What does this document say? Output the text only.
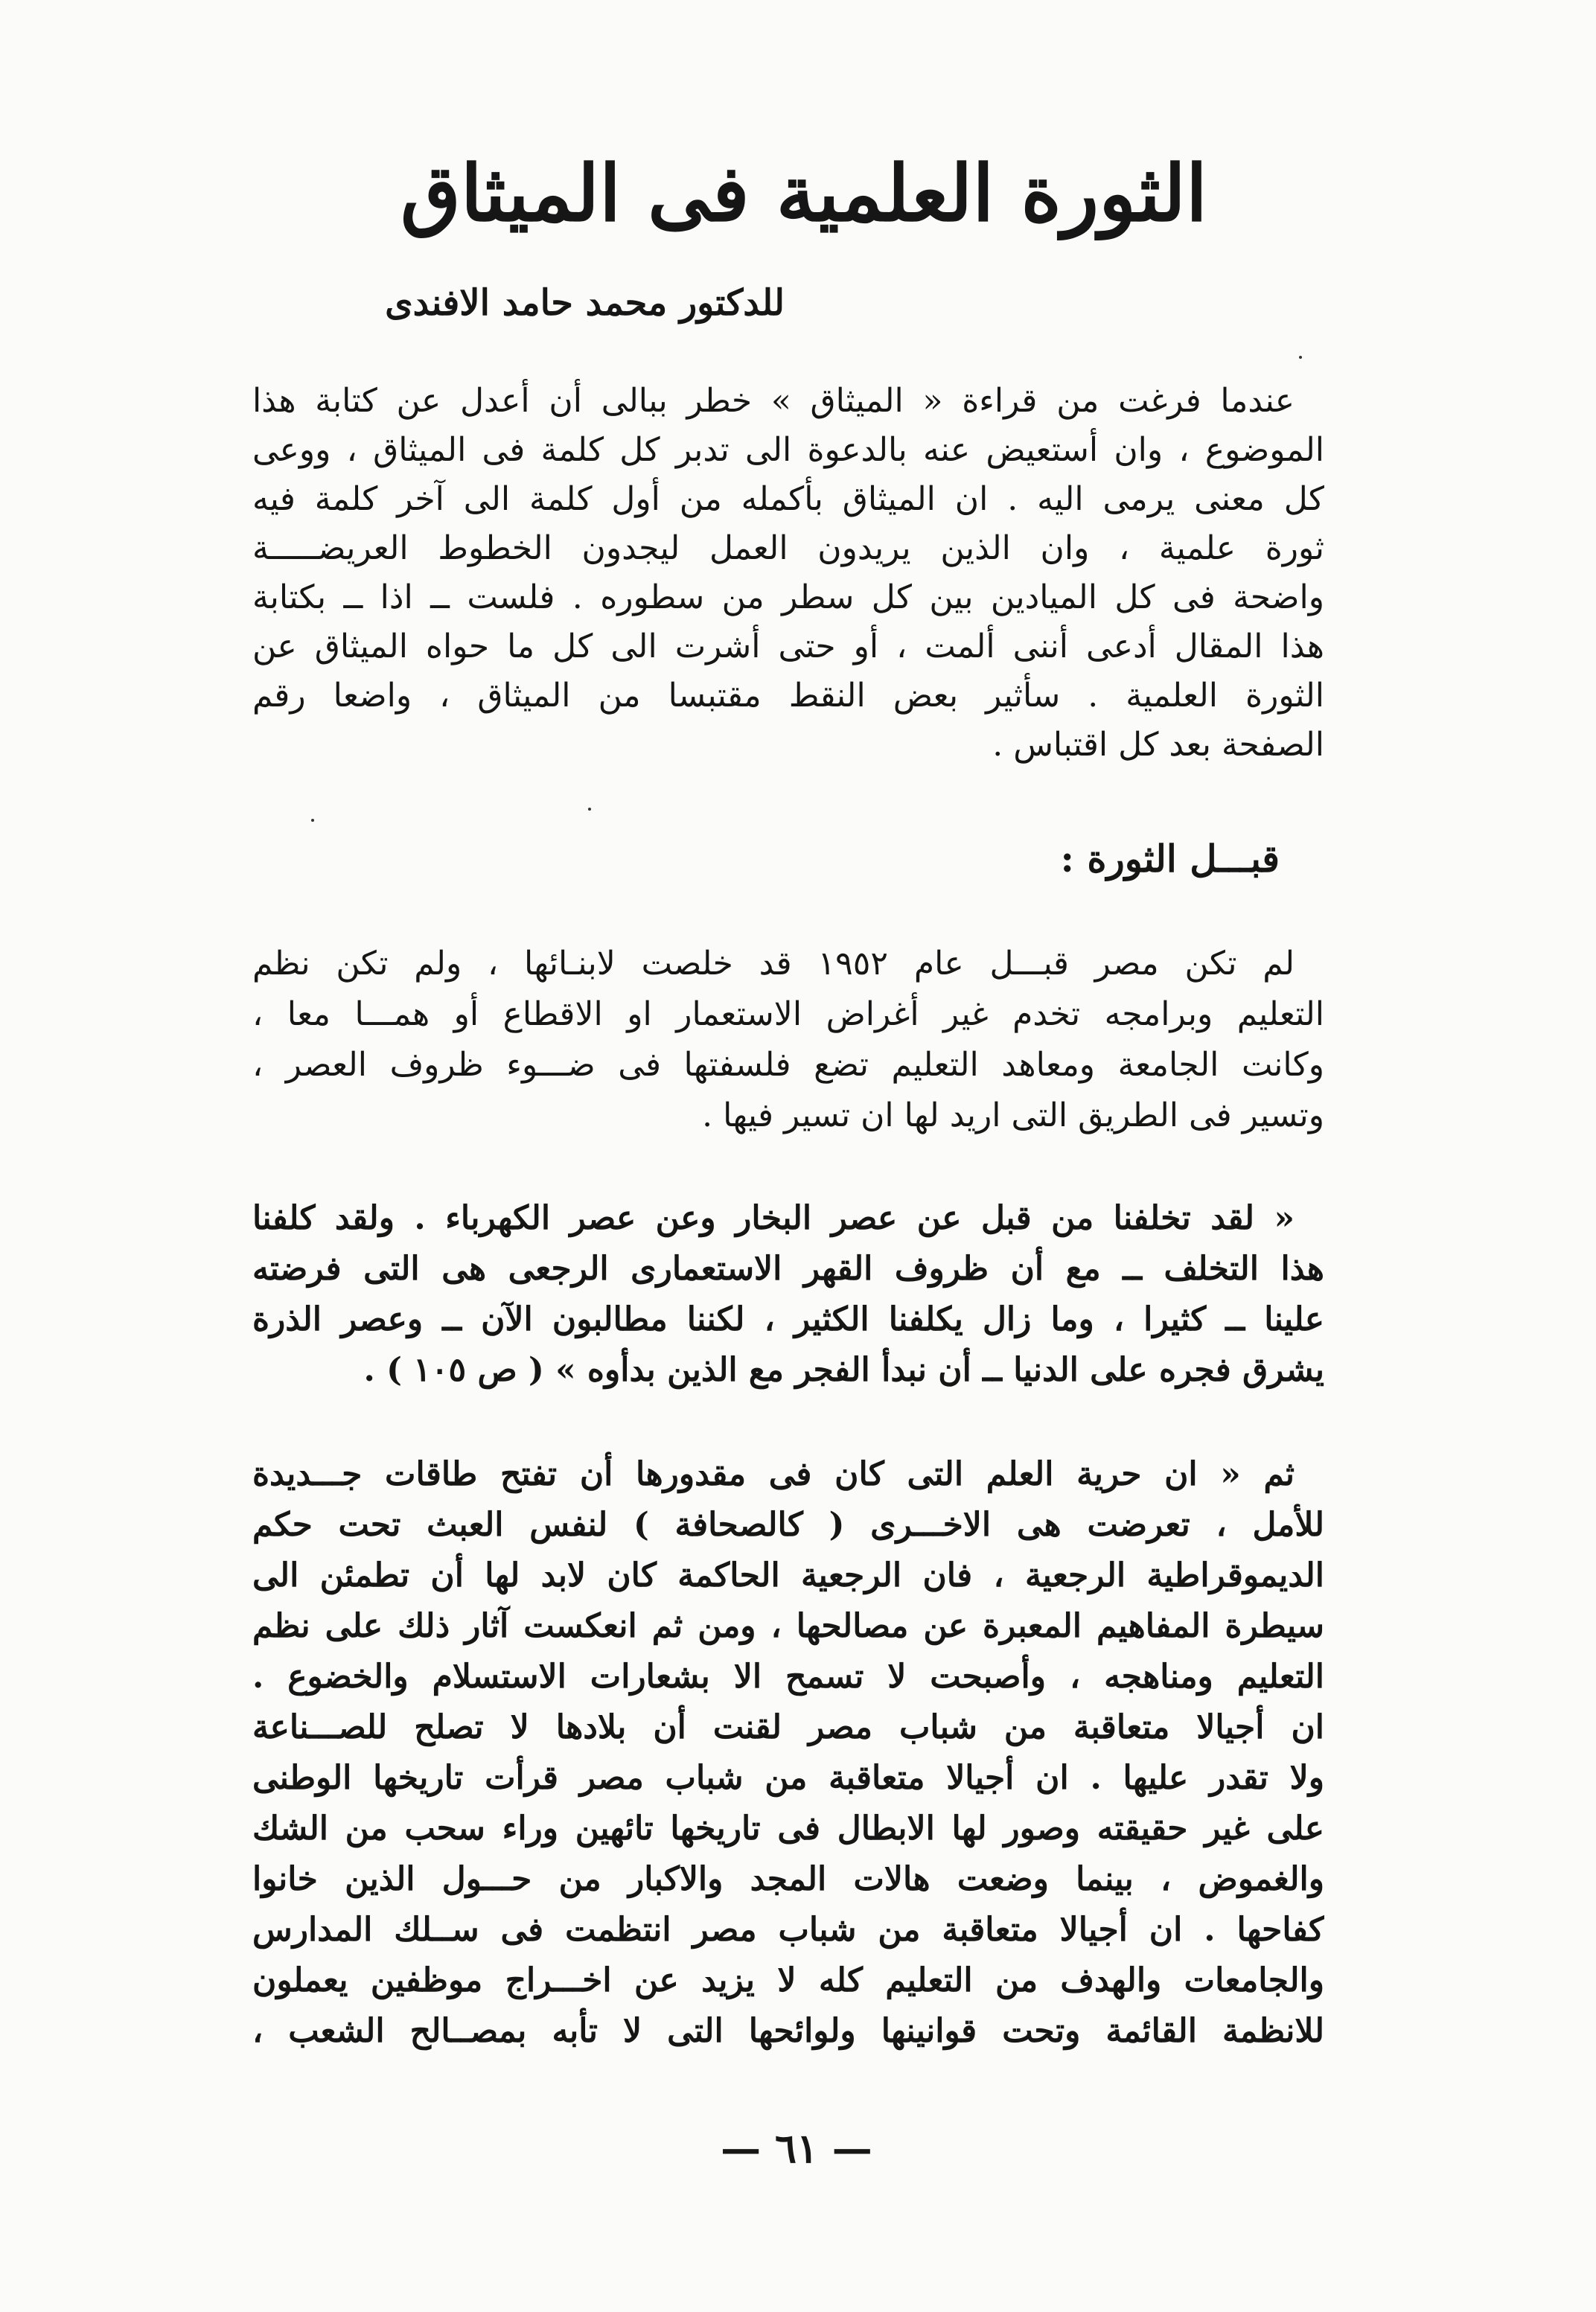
الثورة العلمية فى الميثاق
للدكتور محمد حامد الافندى
عندما فرغت من قراءة « الميثاق » خطر ببالى أن أعدل عن كتابة هذا
الموضوع ، وان أستعيض عنه بالدعوة الى تدبر كل كلمة فى الميثاق ، ووعى
كل معنى يرمى اليه . ان الميثاق بأكمله من أول كلمة الى آخر كلمة فيه
ثورة علمية ، وان الذين يريدون العمل ليجدون الخطوط العريضـــــة
واضحة فى كل الميادين بين كل سطر من سطوره . فلست ــ اذا ــ بكتابة
هذا المقال أدعى أننى ألمت ، أو حتى أشرت الى كل ما حواه الميثاق عن
الثورة العلمية . سأثير بعض النقط مقتبسا من الميثاق ، واضعا رقم
الصفحة بعد كل اقتباس .
قبـــل الثورة :
لم تكن مصر قبـــل عام ١٩٥٢ قد خلصت لابنـائها ، ولم تكن نظم
التعليم وبرامجه تخدم غير أغراض الاستعمار او الاقطاع أو همـــا معا ،
وكانت الجامعة ومعاهد التعليم تضع فلسفتها فى ضـــوء ظروف العصر ،
وتسير فى الطريق التى اريد لها ان تسير فيها .
« لقد تخلفنا من قبل عن عصر البخار وعن عصر الكهرباء . ولقد كلفنا
هذا التخلف ــ مع أن ظروف القهر الاستعمارى الرجعى هى التى فرضته
علينا ــ كثيرا ، وما زال يكلفنا الكثير ، لكننا مطالبون الآن ــ وعصر الذرة
يشرق فجره على الدنيا ــ أن نبدأ الفجر مع الذين بدأوه » ( ص ١٠٥ ) .
ثم « ان حرية العلم التى كان فى مقدورها أن تفتح طاقات جـــديدة
للأمل ، تعرضت هى الاخـــرى ( كالصحافة ) لنفس العبث تحت حكم
الديموقراطية الرجعية ، فان الرجعية الحاكمة كان لابد لها أن تطمئن الى
سيطرة المفاهيم المعبرة عن مصالحها ، ومن ثم انعكست آثار ذلك على نظم
التعليم ومناهجه ، وأصبحت لا تسمح الا بشعارات الاستسلام والخضوع .
ان أجيالا متعاقبة من شباب مصر لقنت أن بلادها لا تصلح للصـــناعة
ولا تقدر عليها . ان أجيالا متعاقبة من شباب مصر قرأت تاريخها الوطنى
على غير حقيقته وصور لها الابطال فى تاريخها تائهين وراء سحب من الشك
والغموض ، بينما وضعت هالات المجد والاكبار من حـــول الذين خانوا
كفاحها . ان أجيالا متعاقبة من شباب مصر انتظمت فى ســلك المدارس
والجامعات والهدف من التعليم كله لا يزيد عن اخـــراج موظفين يعملون
للانظمة القائمة وتحت قوانينها ولوائحها التى لا تأبه بمصــالح الشعب ،
— ٦١ —
